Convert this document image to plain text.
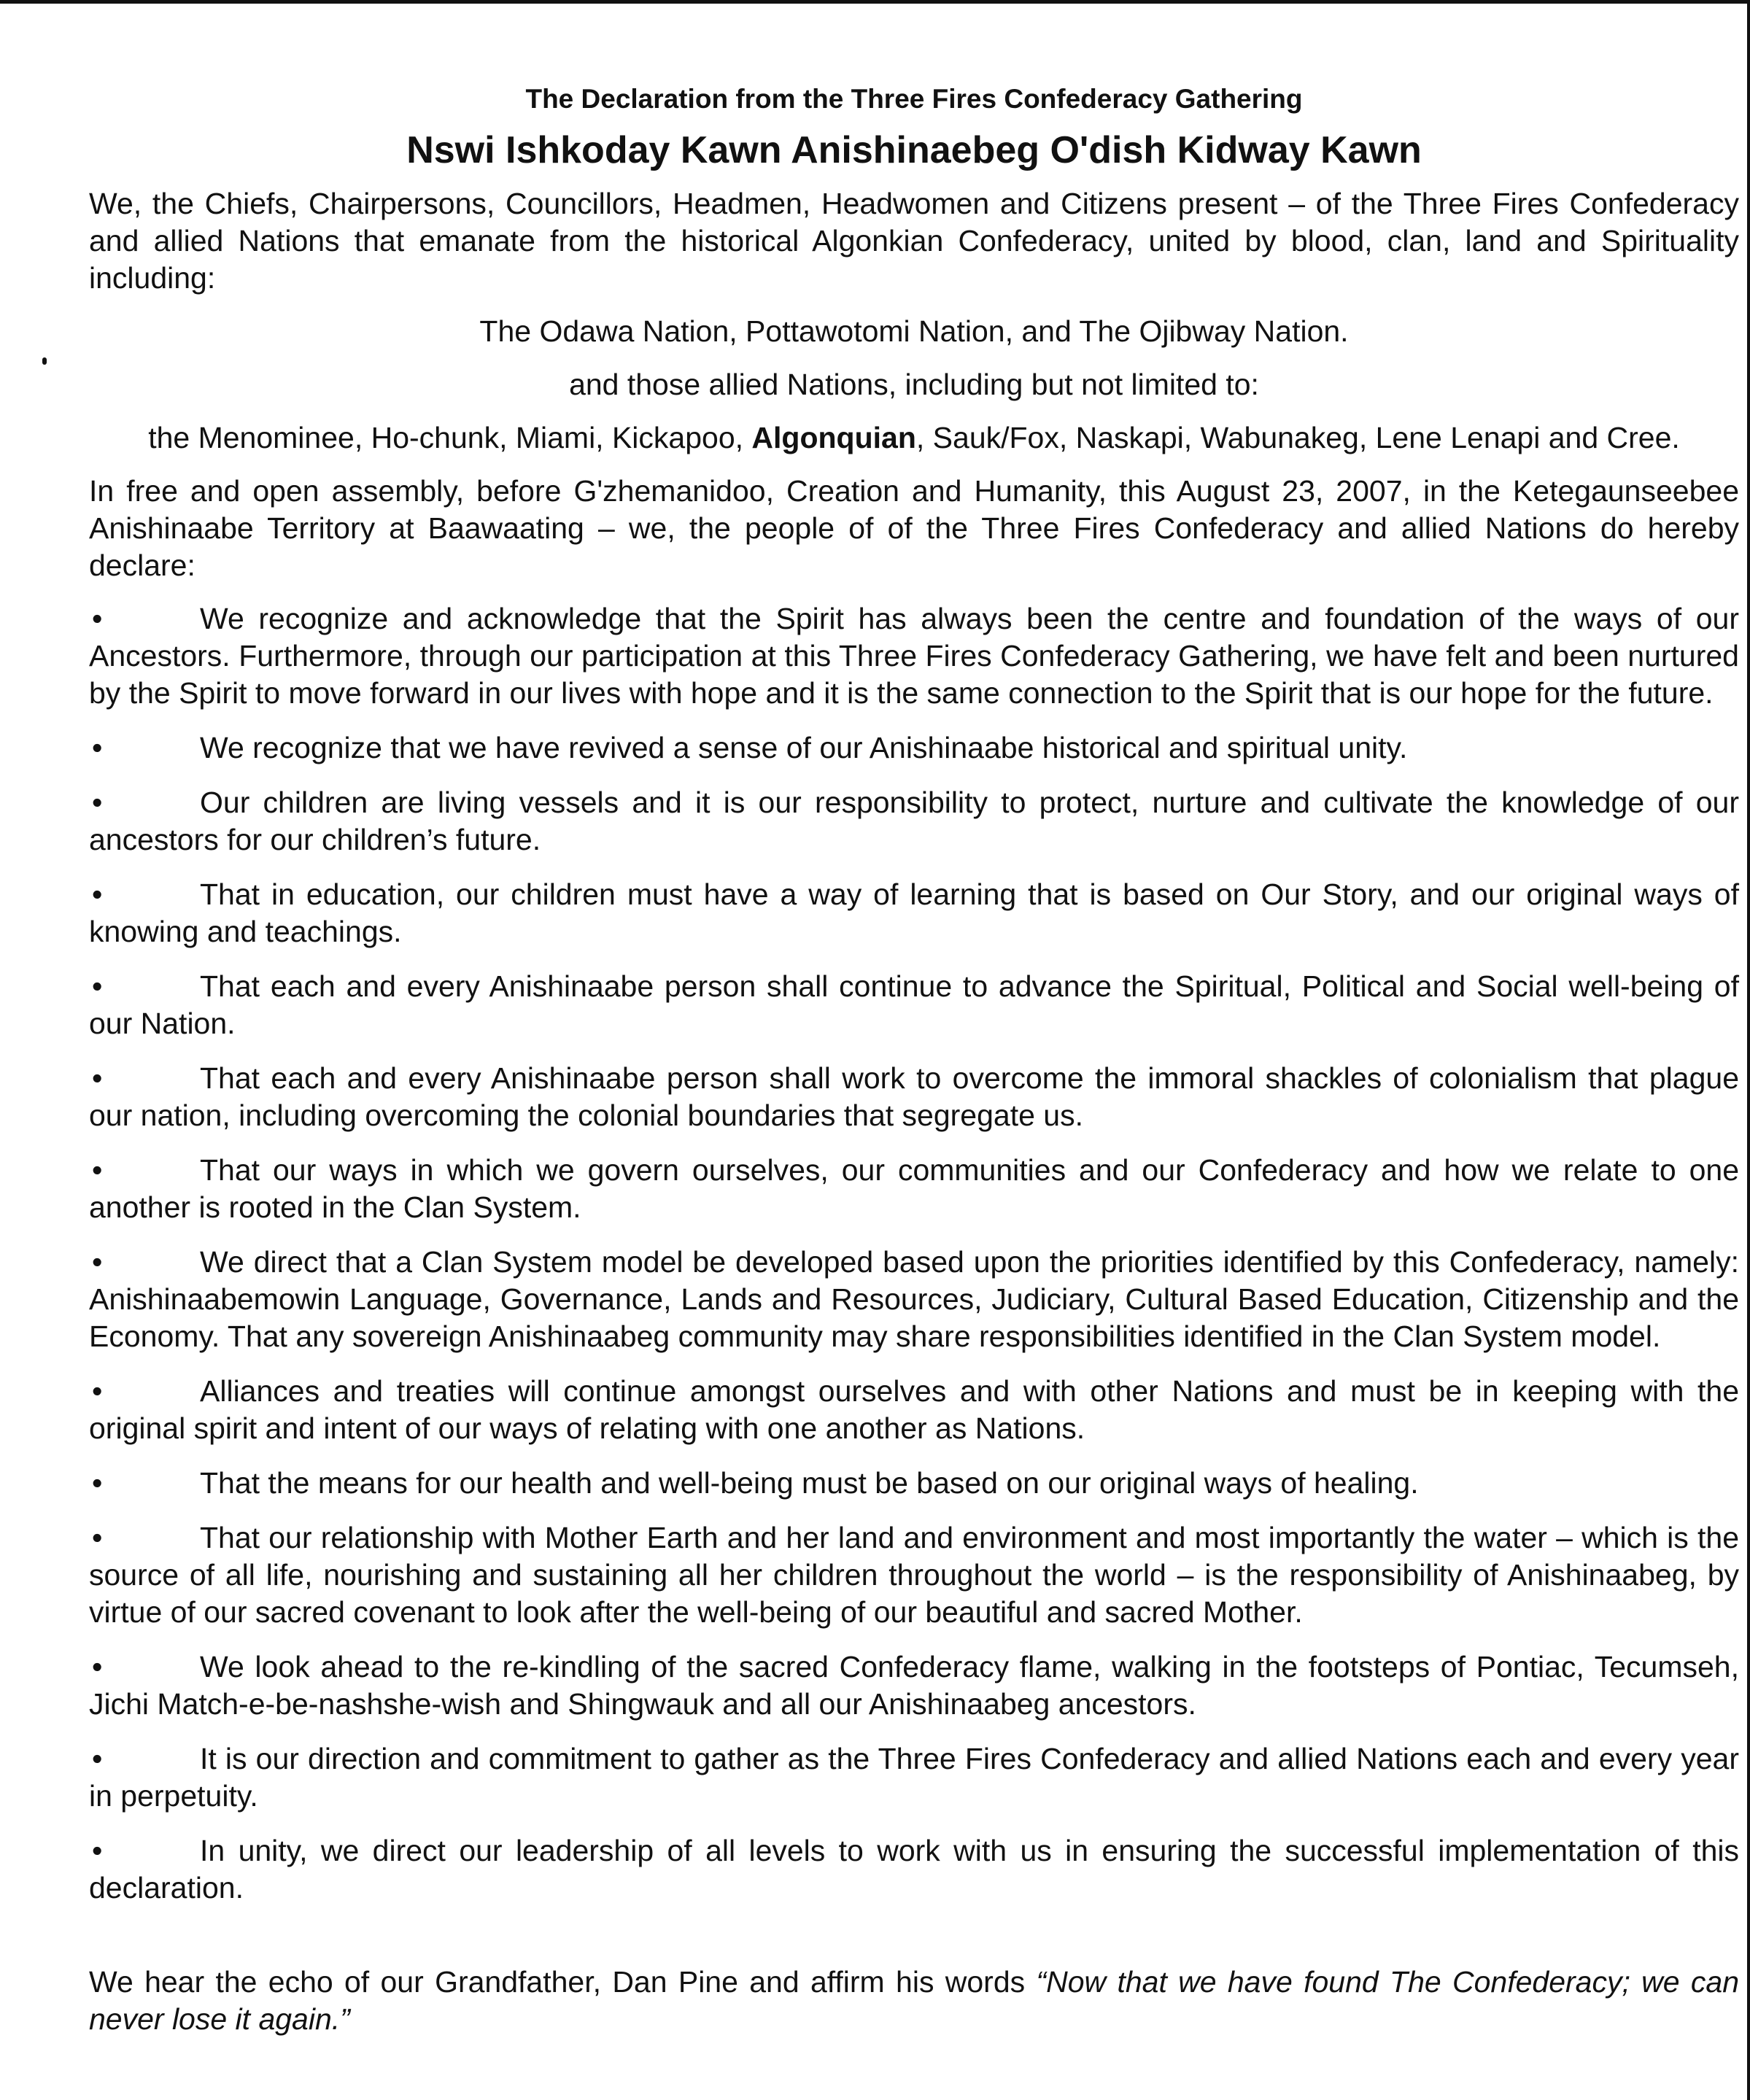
The Declaration from the Three Fires Confederacy Gathering
Nswi Ishkoday Kawn Anishinaebeg O'dish Kidway Kawn

We, the Chiefs, Chairpersons, Councillors, Headmen, Headwomen and Citizens present – of the Three Fires Confederacy and allied Nations that emanate from the historical Algonkian Confederacy, united by blood, clan, land and Spirituality including:

The Odawa Nation, Pottawotomi Nation, and The Ojibway Nation.

and those allied Nations, including but not limited to:

the Menominee, Ho-chunk, Miami, Kickapoo, Algonquian, Sauk/Fox, Naskapi, Wabunakeg, Lene Lenapi and Cree.

In free and open assembly, before G'zhemanidoo, Creation and Humanity, this August 23, 2007, in the Ketegaunseebee Anishinaabe Territory at Baawaating – we, the people of of the Three Fires Confederacy and allied Nations do hereby declare:

•	We recognize and acknowledge that the Spirit has always been the centre and foundation of the ways of our Ancestors. Furthermore, through our participation at this Three Fires Confederacy Gathering, we have felt and been nurtured by the Spirit to move forward in our lives with hope and it is the same connection to the Spirit that is our hope for the future.
•	We recognize that we have revived a sense of our Anishinaabe historical and spiritual unity.
•	Our children are living vessels and it is our responsibility to protect, nurture and cultivate the knowledge of our ancestors for our children’s future.
•	That in education, our children must have a way of learning that is based on Our Story, and our original ways of knowing and teachings.
•	That each and every Anishinaabe person shall continue to advance the Spiritual, Political and Social well-being of our Nation.
•	That each and every Anishinaabe person shall work to overcome the immoral shackles of colonialism that plague our nation, including overcoming the colonial boundaries that segregate us.
•	That our ways in which we govern ourselves, our communities and our Confederacy and how we relate to one another is rooted in the Clan System.
•	We direct that a Clan System model be developed based upon the priorities identified by this Confederacy, namely: Anishinaabemowin Language, Governance, Lands and Resources, Judiciary, Cultural Based Education, Citizenship and the Economy. That any sovereign Anishinaabeg community may share responsibilities identified in the Clan System model.
•	Alliances and treaties will continue amongst ourselves and with other Nations and must be in keeping with the original spirit and intent of our ways of relating with one another as Nations.
•	That the means for our health and well-being must be based on our original ways of healing.
•	That our relationship with Mother Earth and her land and environment and most importantly the water – which is the source of all life, nourishing and sustaining all her children throughout the world – is the responsibility of Anishinaabeg, by virtue of our sacred covenant to look after the well-being of our beautiful and sacred Mother.
•	We look ahead to the re-kindling of the sacred Confederacy flame, walking in the footsteps of Pontiac, Tecumseh, Jichi Match-e-be-nashshe-wish and Shingwauk and all our Anishinaabeg ancestors.
•	It is our direction and commitment to gather as the Three Fires Confederacy and allied Nations each and every year in perpetuity.
•	In unity, we direct our leadership of all levels to work with us in ensuring the successful implementation of this declaration.

We hear the echo of our Grandfather, Dan Pine and affirm his words “Now that we have found The Confederacy; we can never lose it again.”
